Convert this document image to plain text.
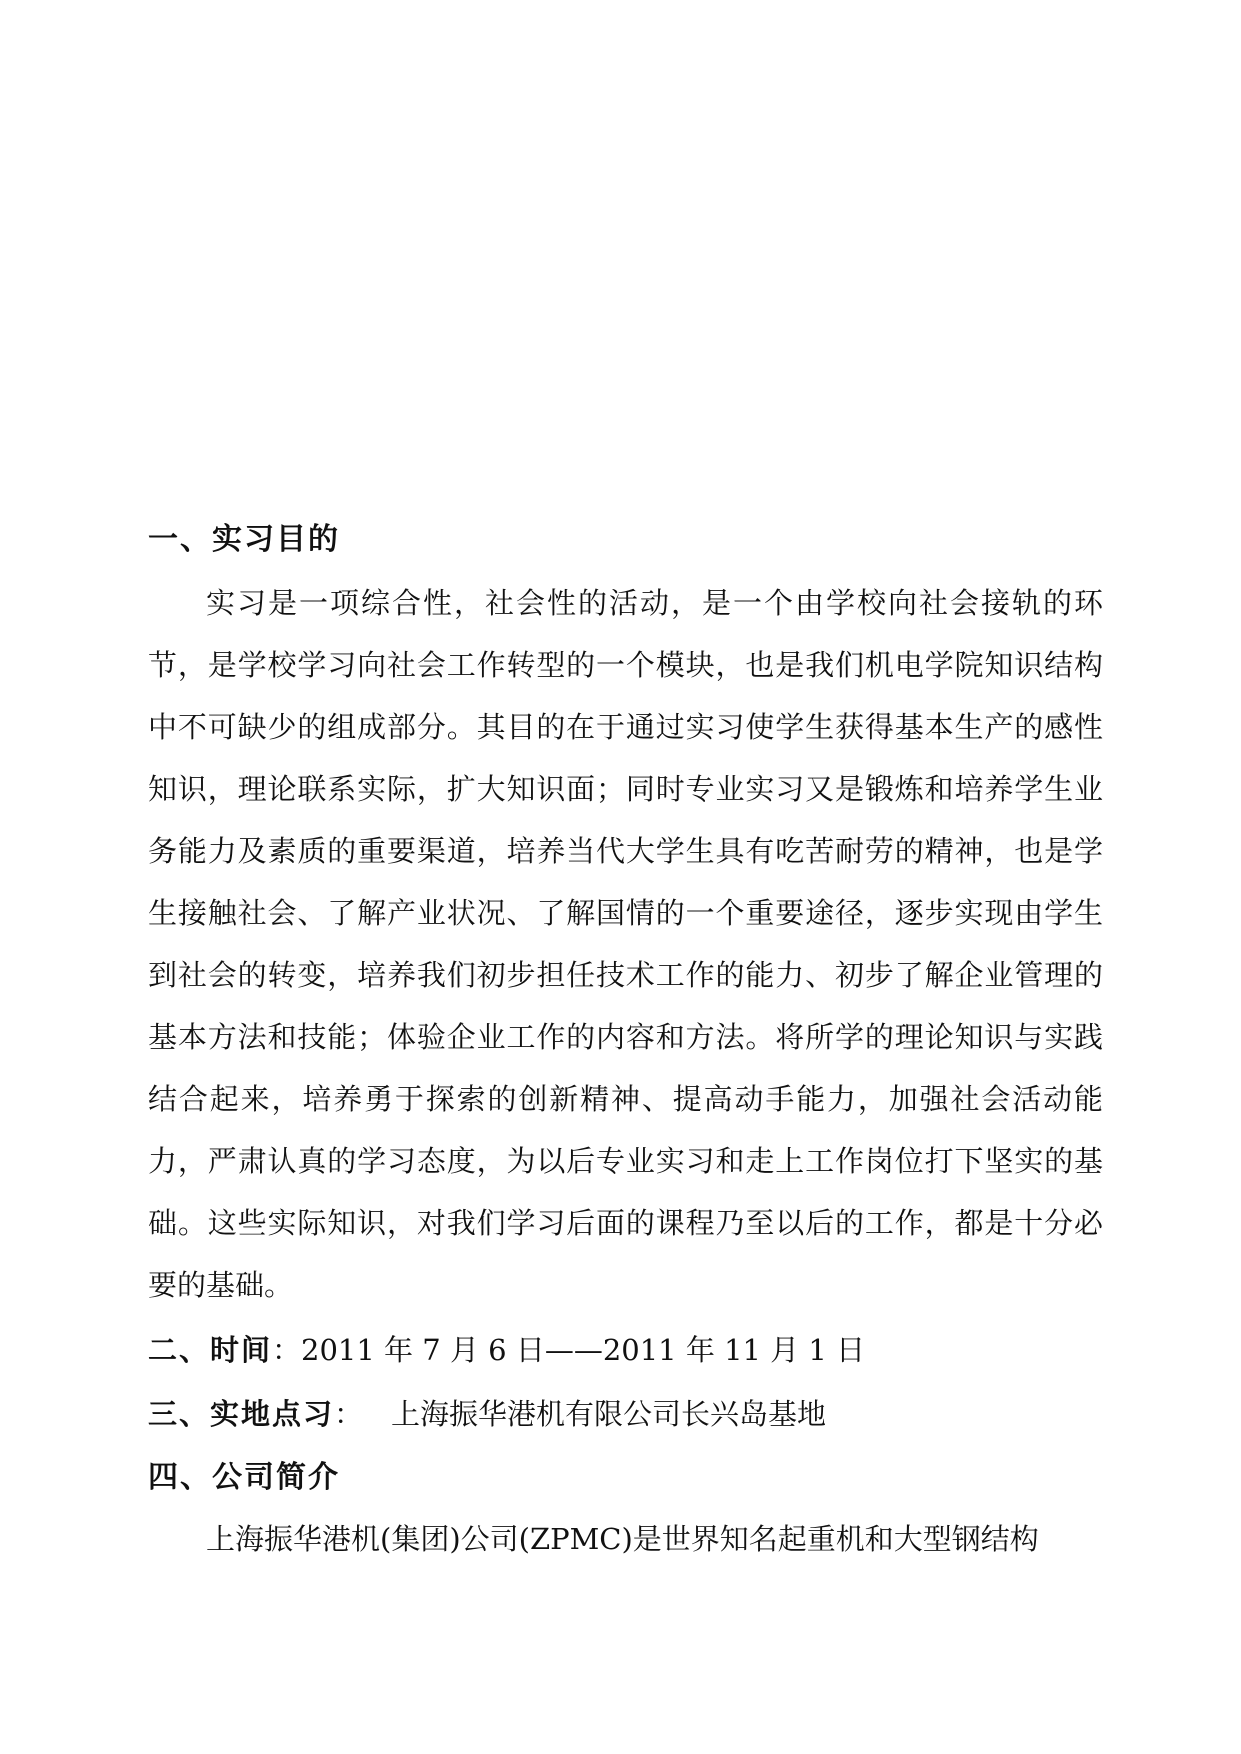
一、实习目的

实习是一项综合性，社会性的活动，是一个由学校向社会接轨的环节，是学校学习向社会工作转型的一个模块，也是我们机电学院知识结构中不可缺少的组成部分。其目的在于通过实习使学生获得基本生产的感性知识，理论联系实际，扩大知识面；同时专业实习又是锻炼和培养学生业务能力及素质的重要渠道，培养当代大学生具有吃苦耐劳的精神，也是学生接触社会、了解产业状况、了解国情的一个重要途径，逐步实现由学生到社会的转变，培养我们初步担任技术工作的能力、初步了解企业管理的基本方法和技能；体验企业工作的内容和方法。将所学的理论知识与实践结合起来，培养勇于探索的创新精神、提高动手能力，加强社会活动能力，严肃认真的学习态度，为以后专业实习和走上工作岗位打下坚实的基础。这些实际知识，对我们学习后面的课程乃至以后的工作，都是十分必要的基础。

二、时间：2011 年 7 月 6 日——2011 年 11 月 1 日

三、实地点习： 上海振华港机有限公司长兴岛基地

四、公司简介

上海振华港机(集团)公司(ZPMC)是世界知名起重机和大型钢结构
